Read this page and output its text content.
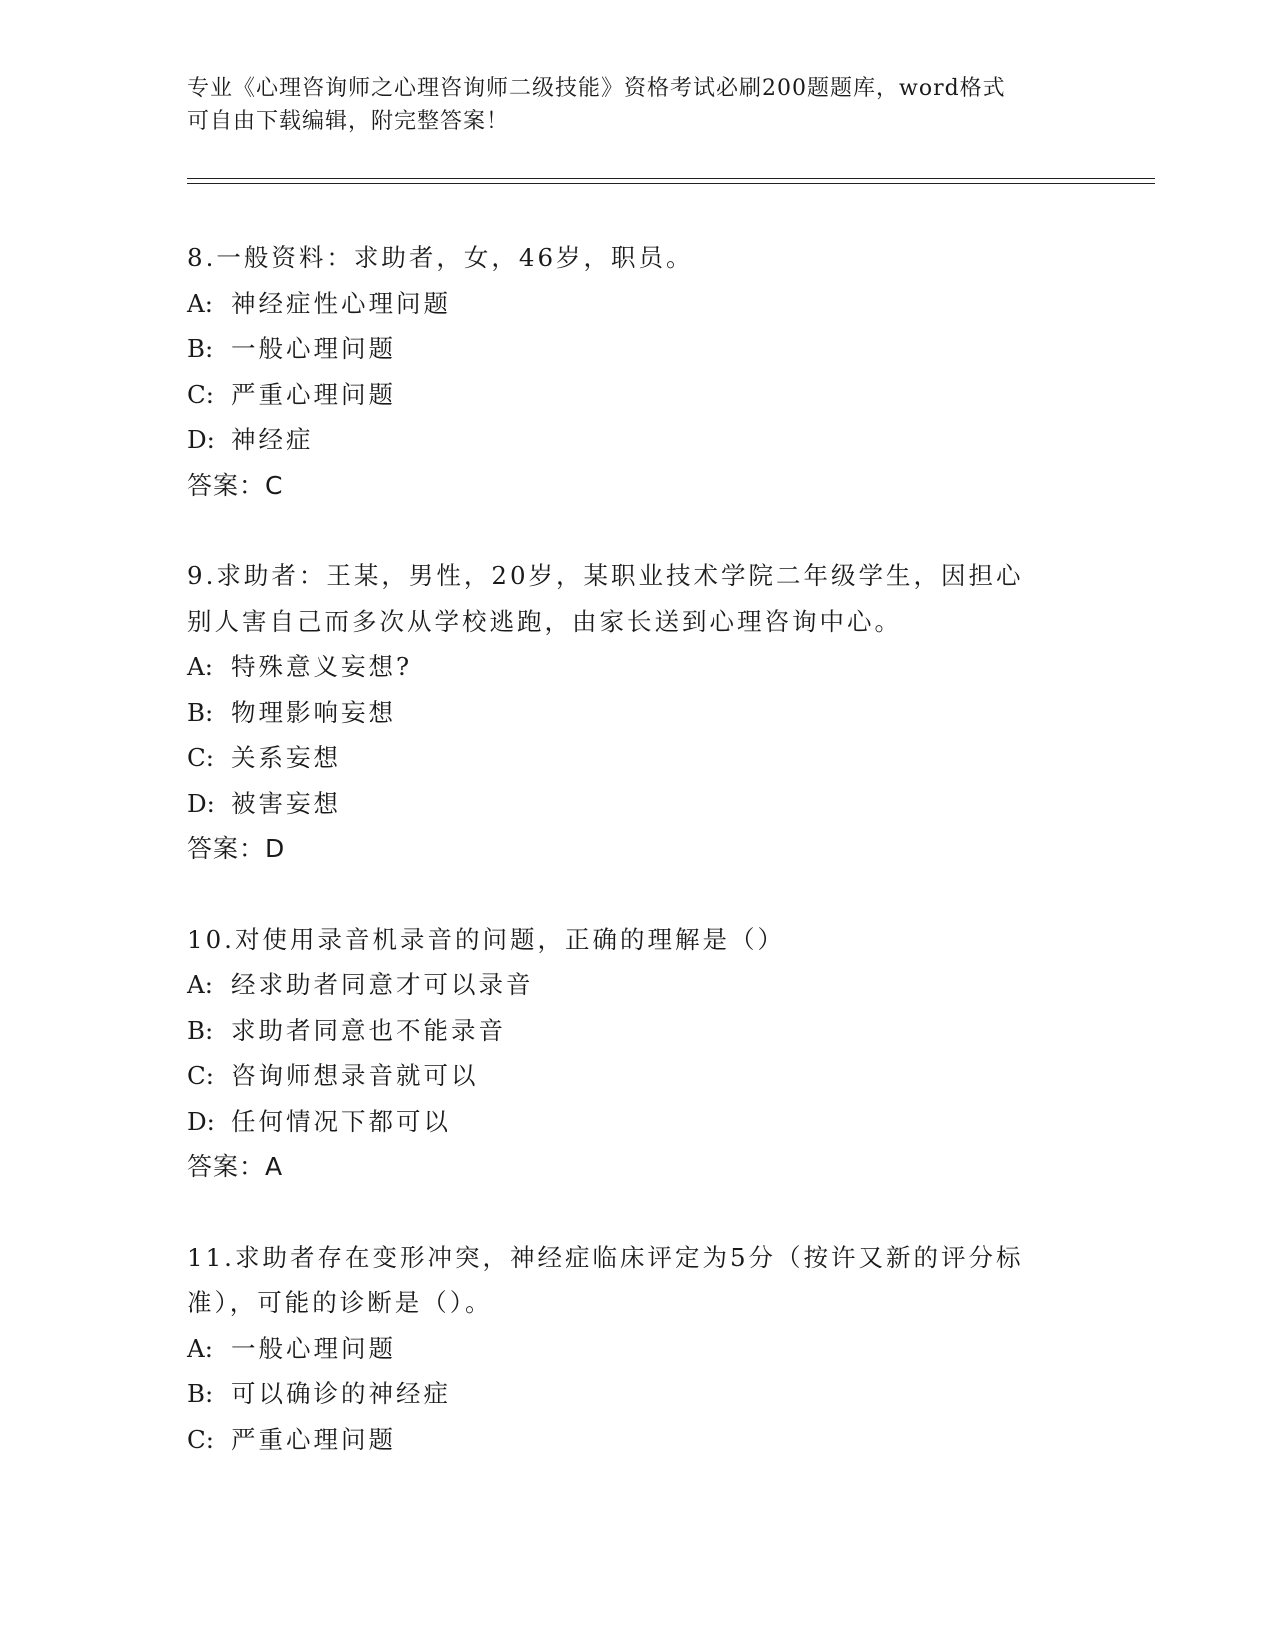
专业《心理咨询师之心理咨询师二级技能》资格考试必刷200题题库，word格式
可自由下载编辑，附完整答案！
8.一般资料：求助者，女，46岁，职员。
A: 神经症性心理问题
B: 一般心理问题
C: 严重心理问题
D: 神经症
答案：C
9.求助者：王某，男性，20岁，某职业技术学院二年级学生，因担心
别人害自己而多次从学校逃跑，由家长送到心理咨询中心。
A: 特殊意义妄想?
B: 物理影响妄想
C: 关系妄想
D: 被害妄想
答案：D
10.对使用录音机录音的问题，正确的理解是（）
A: 经求助者同意才可以录音
B: 求助者同意也不能录音
C: 咨询师想录音就可以
D: 任何情况下都可以
答案：A
11.求助者存在变形冲突，神经症临床评定为5分（按许又新的评分标
准），可能的诊断是（）。
A: 一般心理问题
B: 可以确诊的神经症
C: 严重心理问题
